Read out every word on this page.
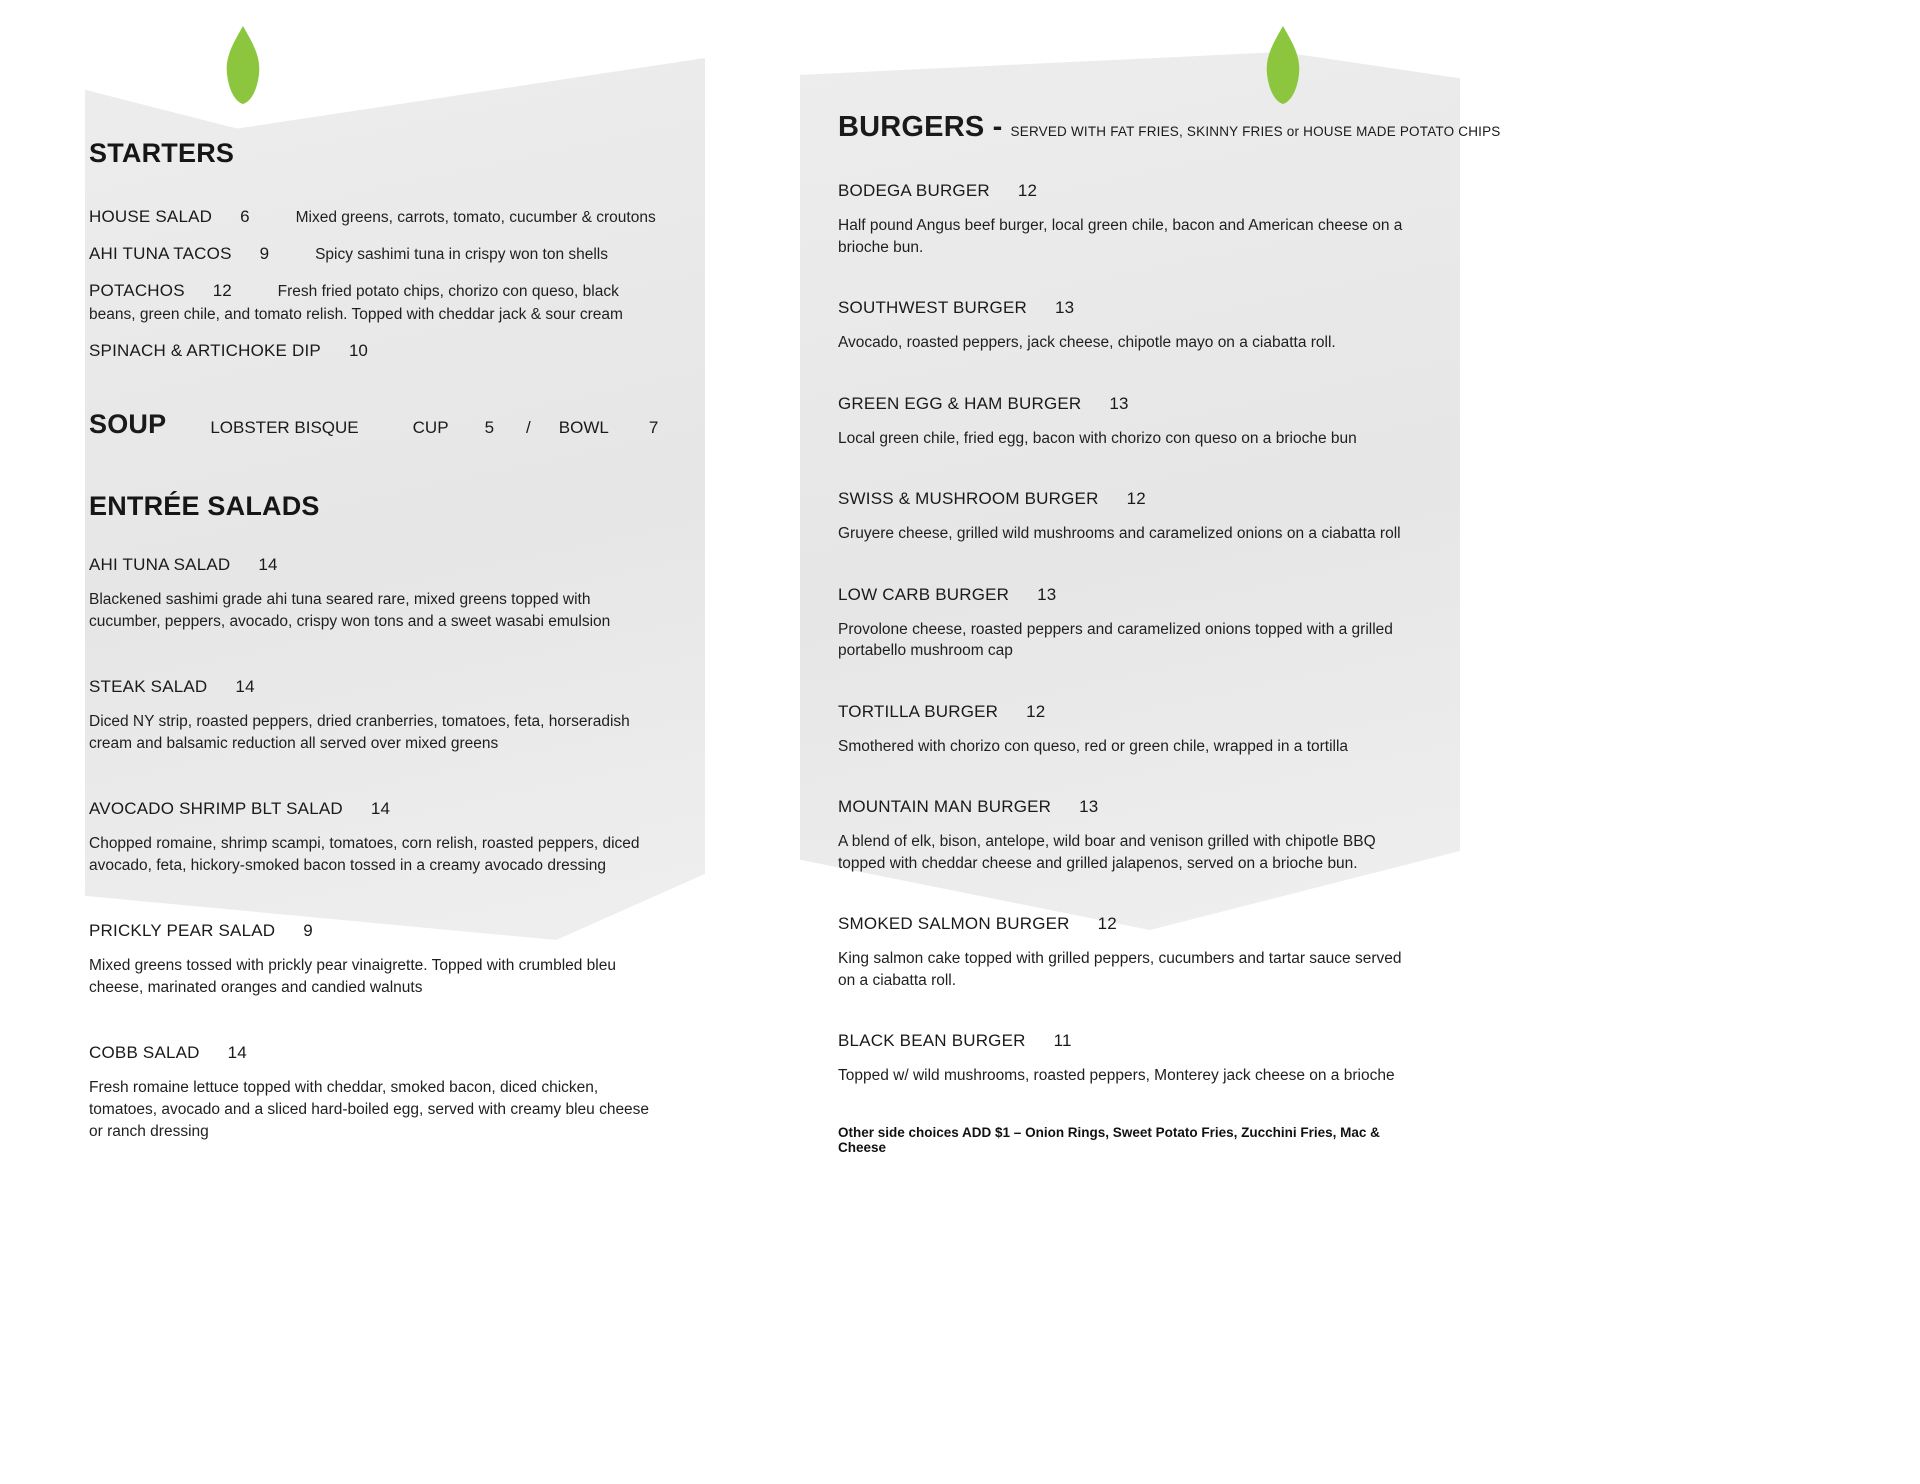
STARTERS

HOUSE SALAD 6	Mixed greens, carrots, tomato, cucumber & croutons

AHI TUNA TACOS 9	Spicy sashimi tuna in crispy won ton shells

POTACHOS 12	Fresh fried potato chips, chorizo con queso, black beans, green chile, and tomato relish. Topped with cheddar jack & sour cream

SPINACH & ARTICHOKE DIP 10

SOUP	LOBSTER BISQUE	CUP 5 / BOWL 7

ENTRÉE SALADS

AHI TUNA SALAD 14

Blackened sashimi grade ahi tuna seared rare, mixed greens topped with cucumber, peppers, avocado, crispy won tons and a sweet wasabi emulsion

STEAK SALAD 14

Diced NY strip, roasted peppers, dried cranberries, tomatoes, feta, horseradish cream and balsamic reduction all served over mixed greens

AVOCADO SHRIMP BLT SALAD 14

Chopped romaine, shrimp scampi, tomatoes, corn relish, roasted peppers, diced avocado, feta, hickory-smoked bacon tossed in a creamy avocado dressing

PRICKLY PEAR SALAD 9

Mixed greens tossed with prickly pear vinaigrette. Topped with crumbled bleu cheese, marinated oranges and candied walnuts

COBB SALAD 14

Fresh romaine lettuce topped with cheddar, smoked bacon, diced chicken, tomatoes, avocado and a sliced hard-boiled egg, served with creamy bleu cheese or ranch dressing

BURGERS - SERVED WITH FAT FRIES, SKINNY FRIES or HOUSE MADE POTATO CHIPS

BODEGA BURGER 12

Half pound Angus beef burger, local green chile, bacon and American cheese on a brioche bun.

SOUTHWEST BURGER 13

Avocado, roasted peppers, jack cheese, chipotle mayo on a ciabatta roll.

GREEN EGG & HAM BURGER 13

Local green chile, fried egg, bacon with chorizo con queso on a brioche bun

SWISS & MUSHROOM BURGER 12

Gruyere cheese, grilled wild mushrooms and caramelized onions on a ciabatta roll

LOW CARB BURGER 13

Provolone cheese, roasted peppers and caramelized onions topped with a grilled portabello mushroom cap

TORTILLA BURGER 12

Smothered with chorizo con queso, red or green chile, wrapped in a tortilla

MOUNTAIN MAN BURGER 13

A blend of elk, bison, antelope, wild boar and venison grilled with chipotle BBQ topped with cheddar cheese and grilled jalapenos, served on a brioche bun.

SMOKED SALMON BURGER 12

King salmon cake topped with grilled peppers, cucumbers and tartar sauce served on a ciabatta roll.

BLACK BEAN BURGER 11

Topped w/ wild mushrooms, roasted peppers, Monterey jack cheese on a brioche

Other side choices ADD $1 – Onion Rings, Sweet Potato Fries, Zucchini Fries, Mac & Cheese
